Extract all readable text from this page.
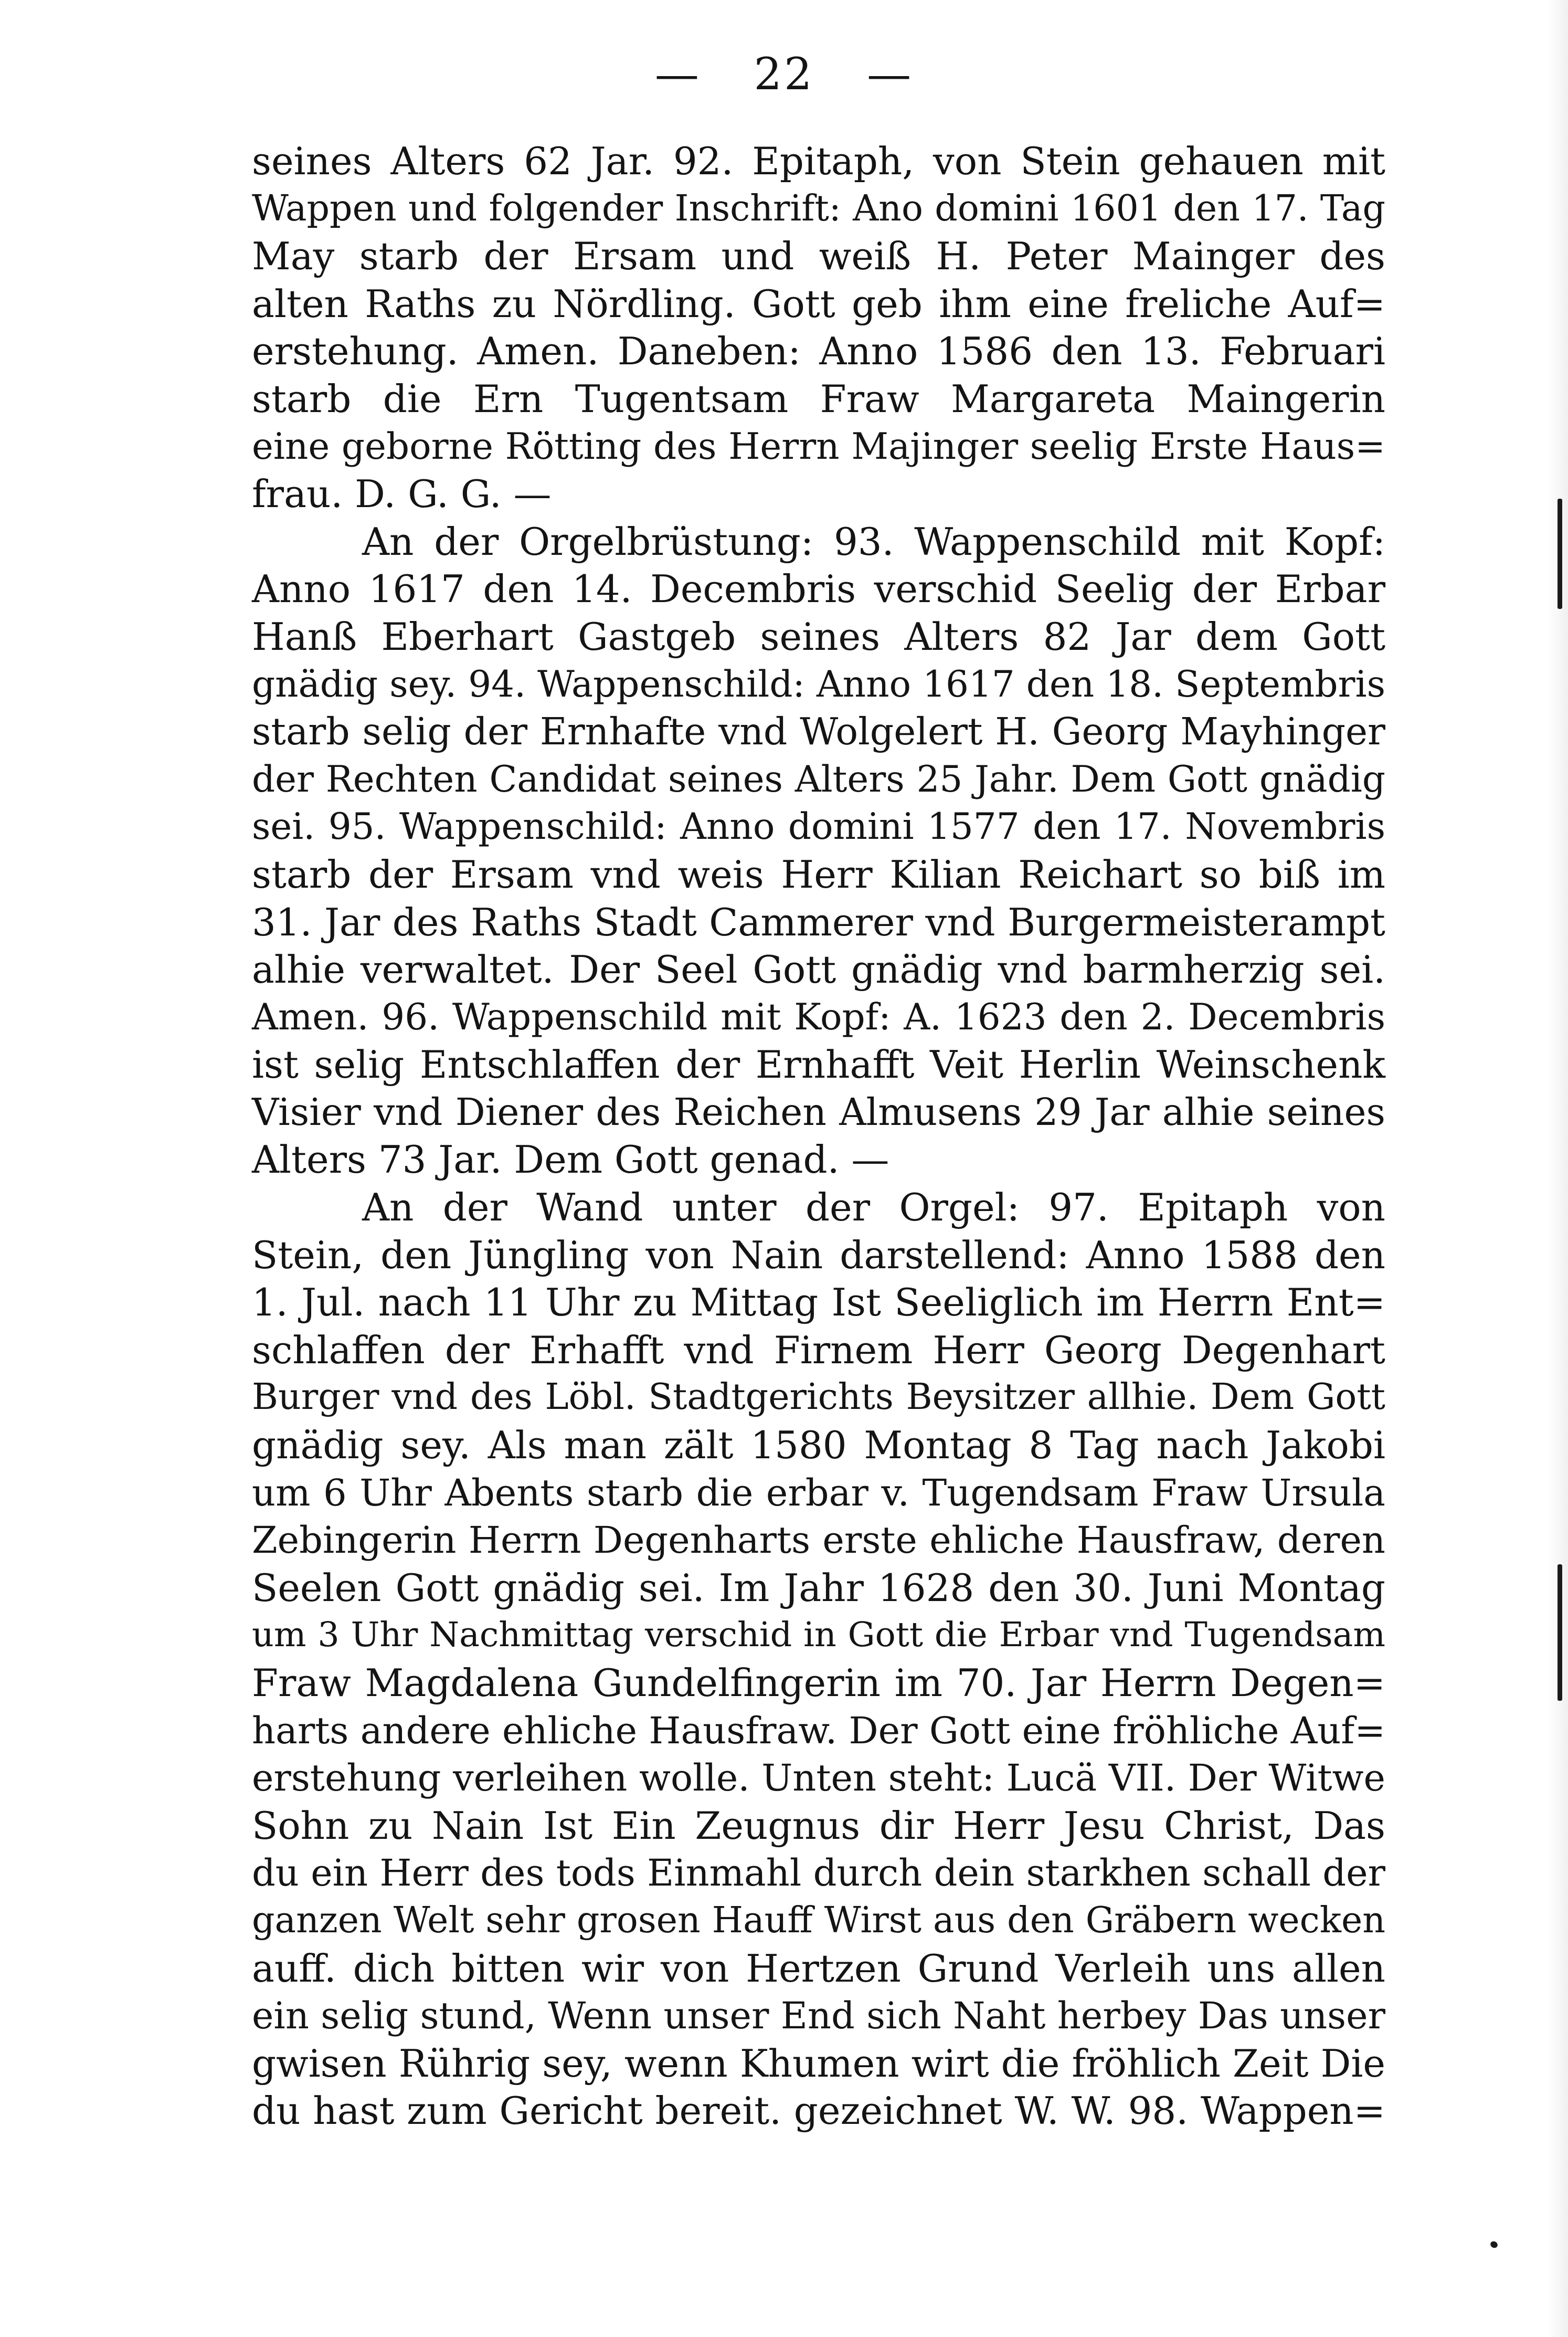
— 22 —
seines Alters 62 Jar. 92. Epitaph, von Stein gehauen mit
Wappen und folgender Inschrift: Ano domini 1601 den 17. Tag
May starb der Ersam und weiß H. Peter Mainger des
alten Raths zu Nördling. Gott geb ihm eine freliche Auf=
erstehung. Amen. Daneben: Anno 1586 den 13. Februari
starb die Ern Tugentsam Fraw Margareta Maingerin
eine geborne Rötting des Herrn Majinger seelig Erste Haus=
frau. D. G. G. —
An der Orgelbrüstung: 93. Wappenschild mit Kopf:
Anno 1617 den 14. Decembris verschid Seelig der Erbar
Hanß Eberhart Gastgeb seines Alters 82 Jar dem Gott
gnädig sey. 94. Wappenschild: Anno 1617 den 18. Septembris
starb selig der Ernhafte vnd Wolgelert H. Georg Mayhinger
der Rechten Candidat seines Alters 25 Jahr. Dem Gott gnädig
sei. 95. Wappenschild: Anno domini 1577 den 17. Novembris
starb der Ersam vnd weis Herr Kilian Reichart so biß im
31. Jar des Raths Stadt Cammerer vnd Burgermeisterampt
alhie verwaltet. Der Seel Gott gnädig vnd barmherzig sei.
Amen. 96. Wappenschild mit Kopf: A. 1623 den 2. Decembris
ist selig Entschlaffen der Ernhafft Veit Herlin Weinschenk
Visier vnd Diener des Reichen Almusens 29 Jar alhie seines
Alters 73 Jar. Dem Gott genad. —
An der Wand unter der Orgel: 97. Epitaph von
Stein, den Jüngling von Nain darstellend: Anno 1588 den
1. Jul. nach 11 Uhr zu Mittag Ist Seeliglich im Herrn Ent=
schlaffen der Erhafft vnd Firnem Herr Georg Degenhart
Burger vnd des Löbl. Stadtgerichts Beysitzer allhie. Dem Gott
gnädig sey. Als man zält 1580 Montag 8 Tag nach Jakobi
um 6 Uhr Abents starb die erbar v. Tugendsam Fraw Ursula
Zebingerin Herrn Degenharts erste ehliche Hausfraw, deren
Seelen Gott gnädig sei. Im Jahr 1628 den 30. Juni Montag
um 3 Uhr Nachmittag verschid in Gott die Erbar vnd Tugendsam
Fraw Magdalena Gundelfingerin im 70. Jar Herrn Degen=
harts andere ehliche Hausfraw. Der Gott eine fröhliche Auf=
erstehung verleihen wolle. Unten steht: Lucä VII. Der Witwe
Sohn zu Nain Ist Ein Zeugnus dir Herr Jesu Christ, Das
du ein Herr des tods Einmahl durch dein starkhen schall der
ganzen Welt sehr grosen Hauff Wirst aus den Gräbern wecken
auff. dich bitten wir von Hertzen Grund Verleih uns allen
ein selig stund, Wenn unser End sich Naht herbey Das unser
gwisen Rührig sey, wenn Khumen wirt die fröhlich Zeit Die
du hast zum Gericht bereit. gezeichnet W. W. 98. Wappen=
